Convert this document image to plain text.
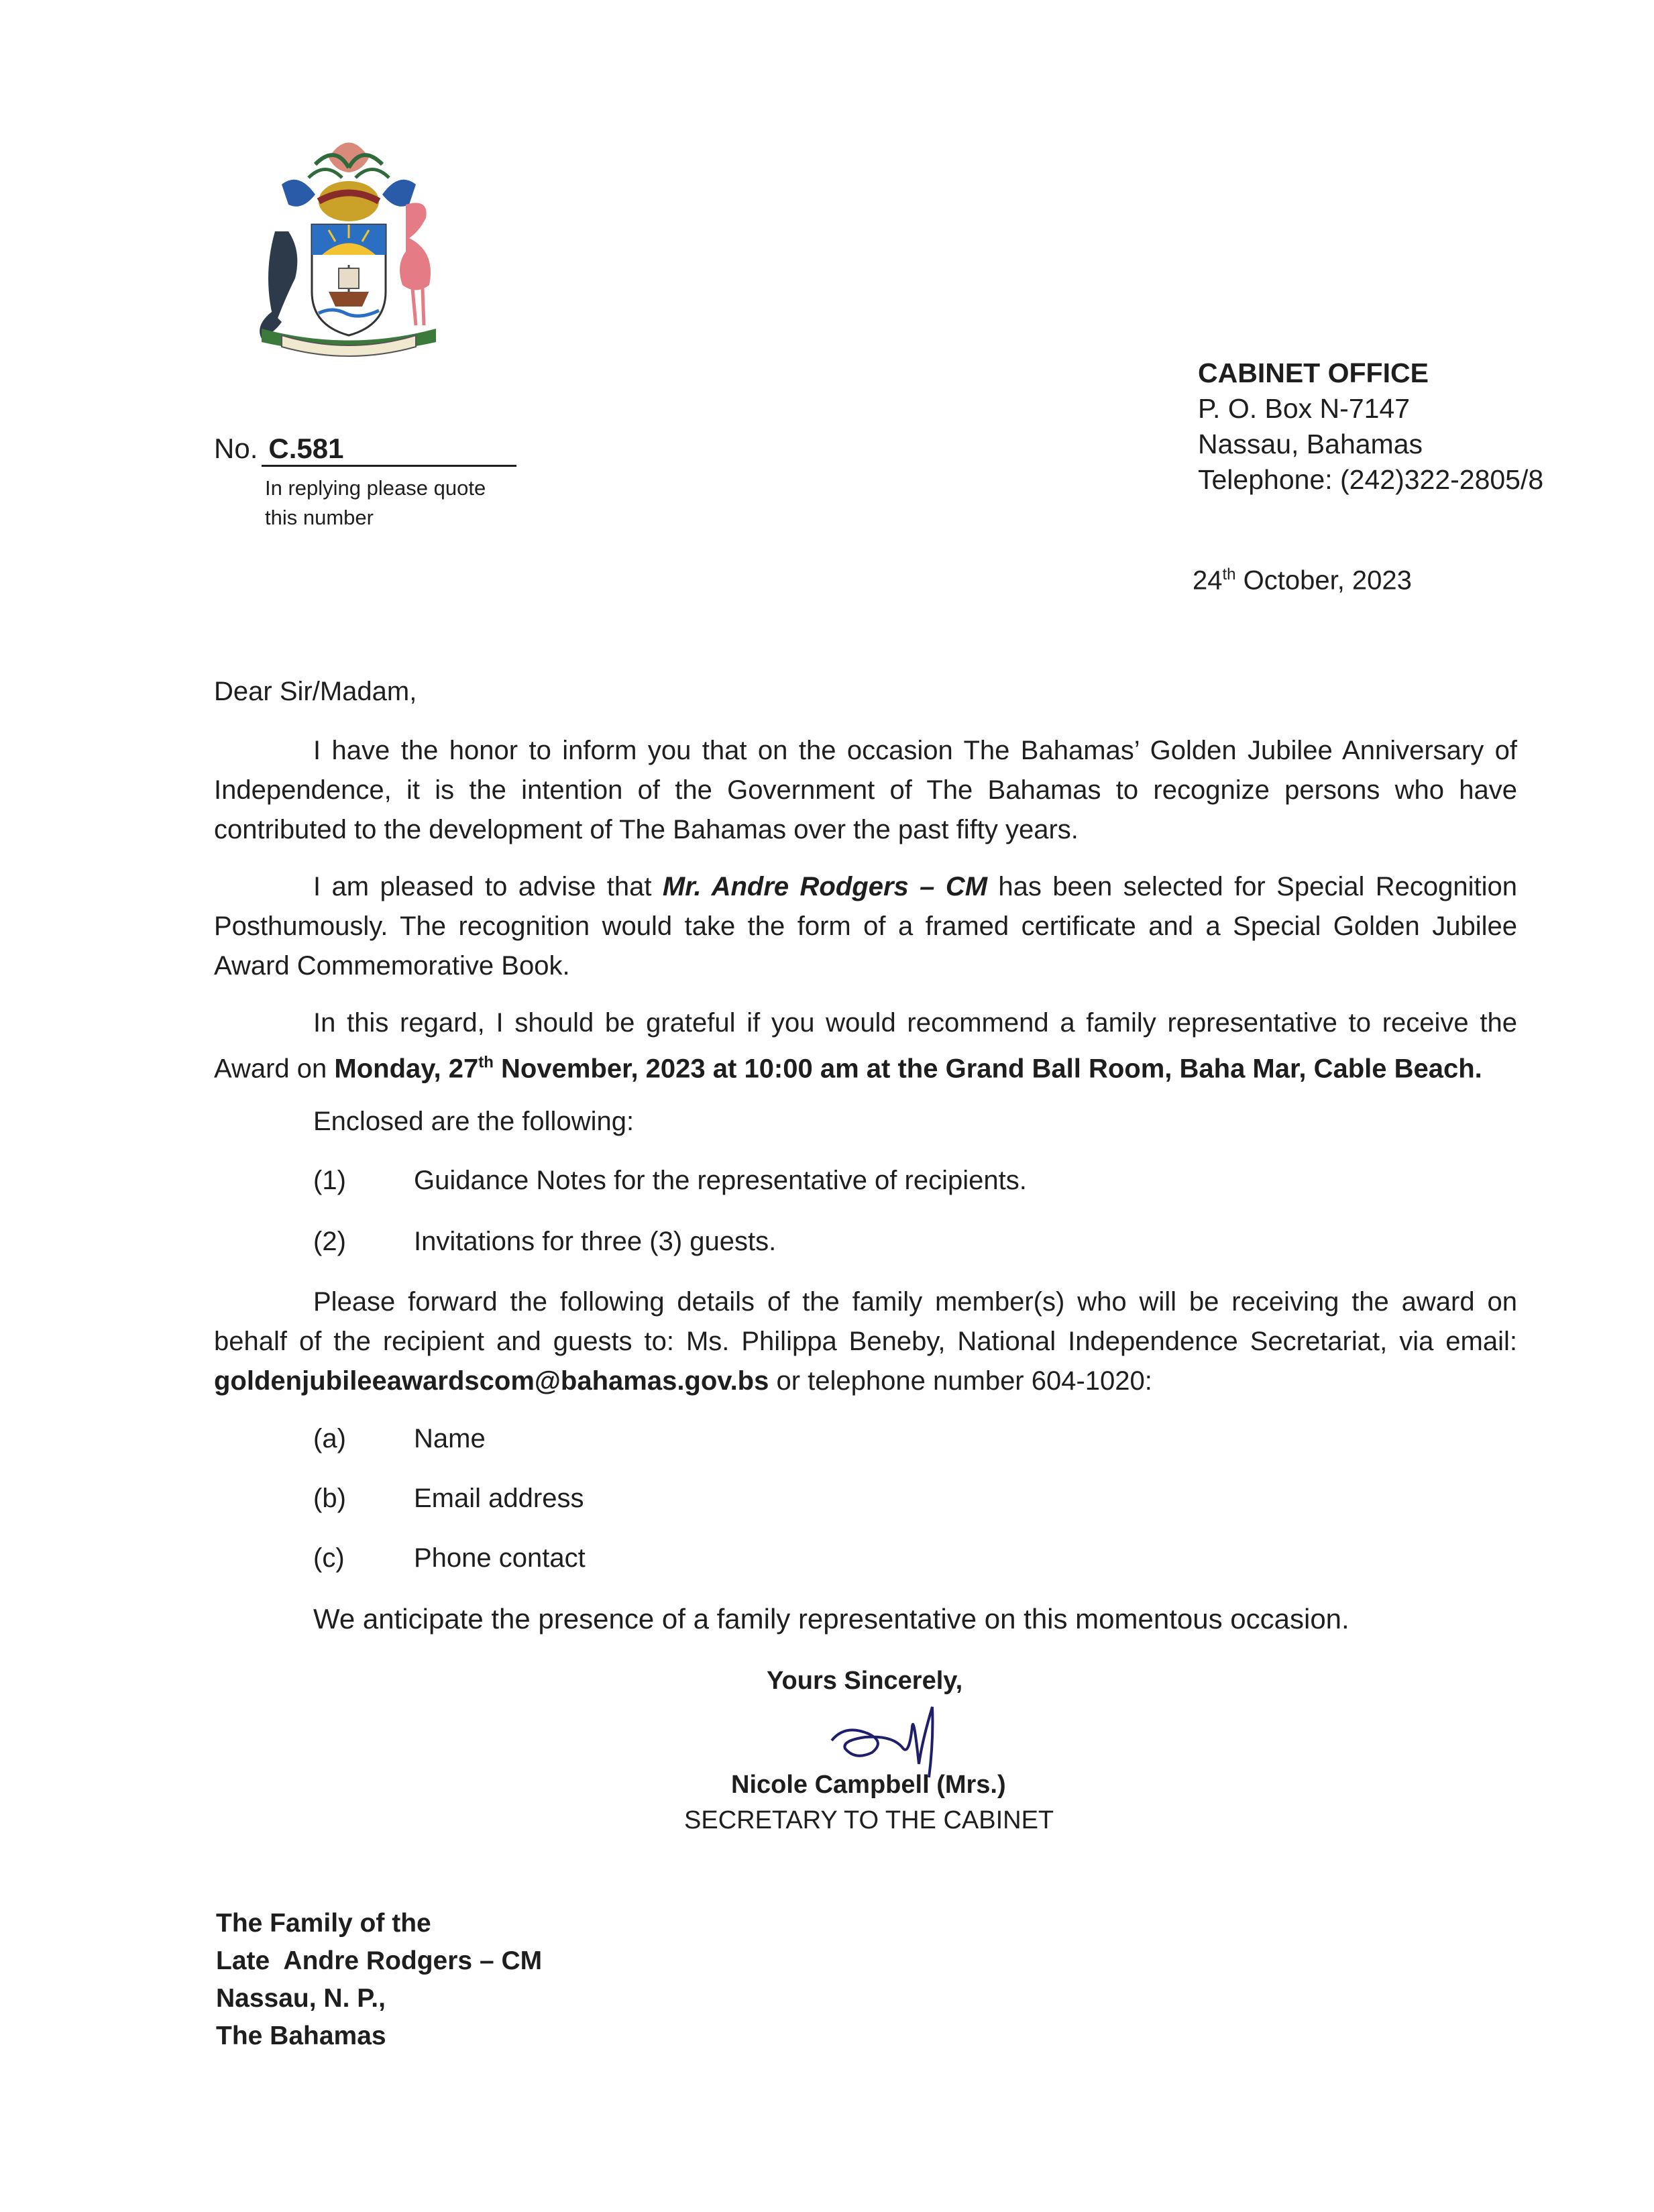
CABINET OFFICE
P. O. Box N-7147
Nassau, Bahamas
Telephone: (242)322-2805/8
No. C.581
In replying please quote
this number
24th October, 2023
Dear Sir/Madam,

I have the honor to inform you that on the occasion The Bahamas’ Golden Jubilee Anniversary of Independence, it is the intention of the Government of The Bahamas to recognize persons who have contributed to the development of The Bahamas over the past fifty years.

I am pleased to advise that Mr. Andre Rodgers – CM has been selected for Special Recognition Posthumously. The recognition would take the form of a framed certificate and a Special Golden Jubilee Award Commemorative Book.

In this regard, I should be grateful if you would recommend a family representative to receive the Award on Monday, 27th November, 2023 at 10:00 am at the Grand Ball Room, Baha Mar, Cable Beach.

Enclosed are the following:
(1)	Guidance Notes for the representative of recipients.
(2)	Invitations for three (3) guests.

Please forward the following details of the family member(s) who will be receiving the award on behalf of the recipient and guests to: Ms. Philippa Beneby, National Independence Secretariat, via email: goldenjubileeawardscom@bahamas.gov.bs or telephone number 604-1020:

(a)	Name
(b)	Email address
(c)	Phone contact
We anticipate the presence of a family representative on this momentous occasion.
Yours Sincerely,
Nicole Campbell (Mrs.)
SECRETARY TO THE CABINET
The Family of the
Late  Andre Rodgers – CM
Nassau, N. P.,
The Bahamas
